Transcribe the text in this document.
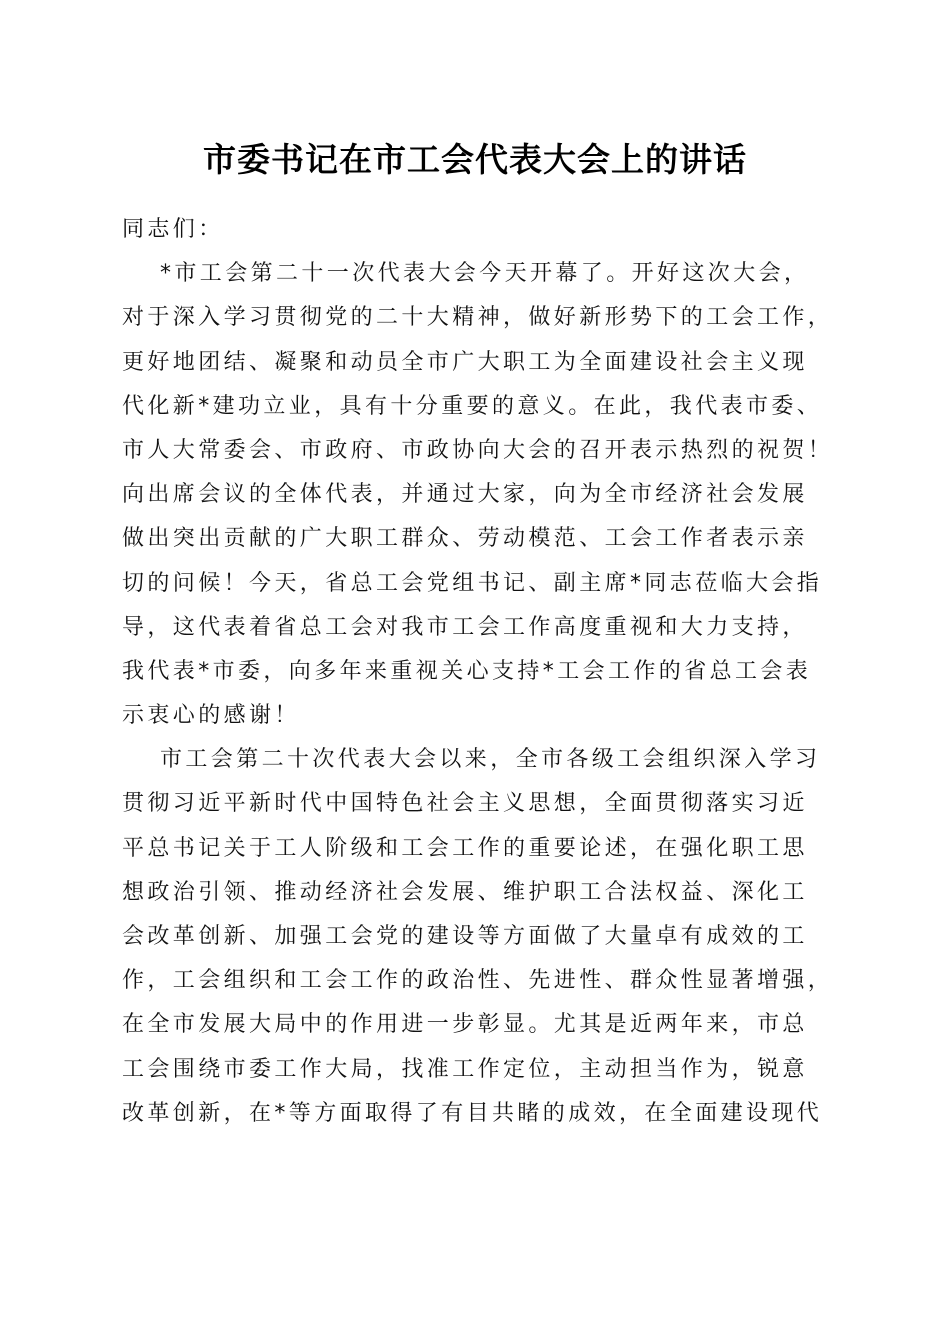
市委书记在市工会代表大会上的讲话
同志们：
*市工会第二十一次代表大会今天开幕了。开好这次大会，
对于深入学习贯彻党的二十大精神，做好新形势下的工会工作，
更好地团结、凝聚和动员全市广大职工为全面建设社会主义现
代化新*建功立业，具有十分重要的意义。在此，我代表市委、
市人大常委会、市政府、市政协向大会的召开表示热烈的祝贺！
向出席会议的全体代表，并通过大家，向为全市经济社会发展
做出突出贡献的广大职工群众、劳动模范、工会工作者表示亲
切的问候！今天，省总工会党组书记、副主席*同志莅临大会指
导，这代表着省总工会对我市工会工作高度重视和大力支持，
我代表*市委，向多年来重视关心支持*工会工作的省总工会表
示衷心的感谢！
市工会第二十次代表大会以来，全市各级工会组织深入学习
贯彻习近平新时代中国特色社会主义思想，全面贯彻落实习近
平总书记关于工人阶级和工会工作的重要论述，在强化职工思
想政治引领、推动经济社会发展、维护职工合法权益、深化工
会改革创新、加强工会党的建设等方面做了大量卓有成效的工
作，工会组织和工会工作的政治性、先进性、群众性显著增强，
在全市发展大局中的作用进一步彰显。尤其是近两年来，市总
工会围绕市委工作大局，找准工作定位，主动担当作为，锐意
改革创新，在*等方面取得了有目共睹的成效，在全面建设现代
